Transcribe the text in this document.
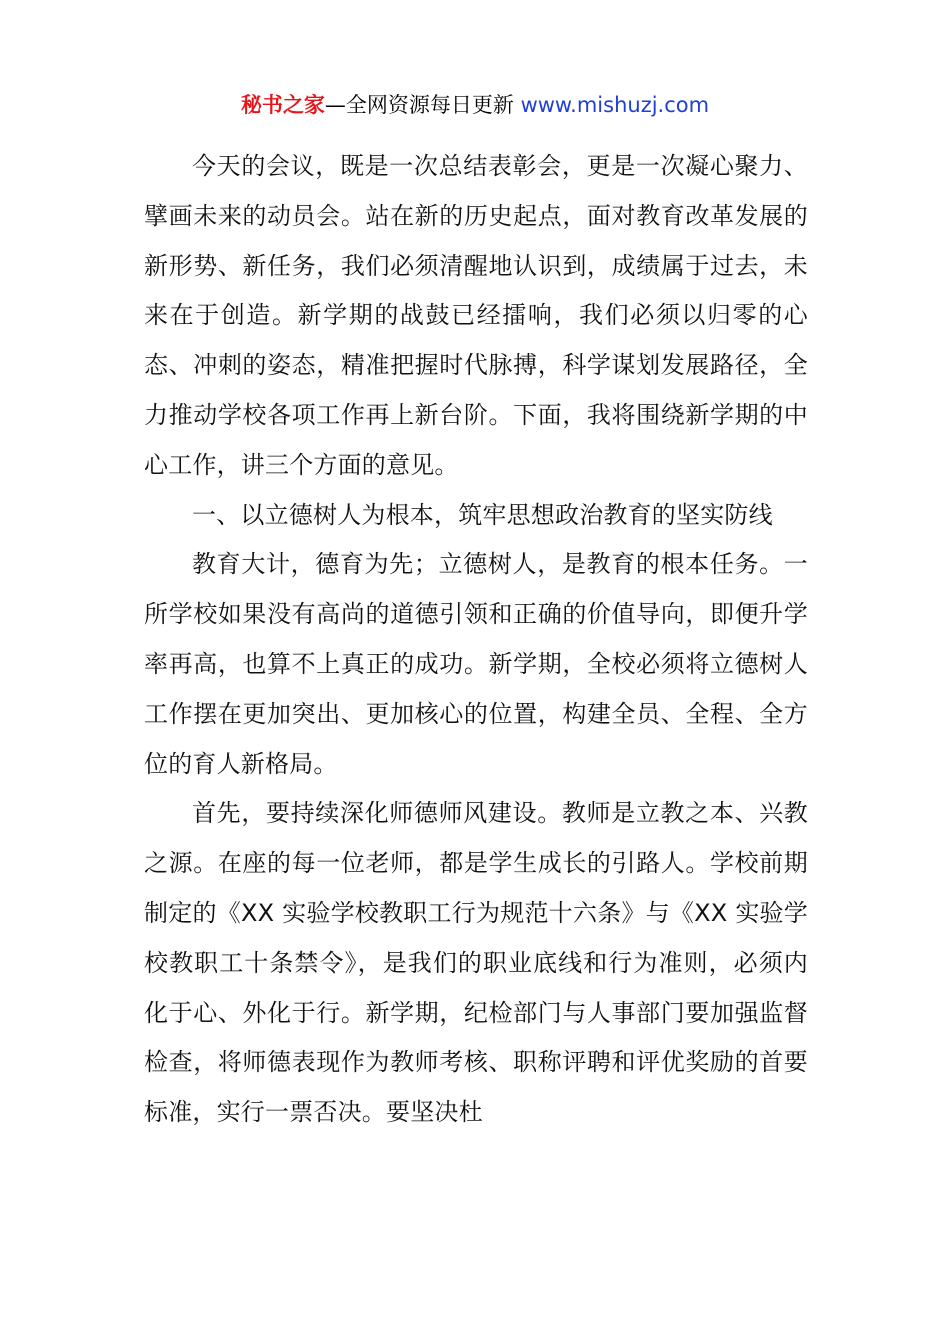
秘书之家—全网资源每日更新 www.mishuzj.com

今天的会议，既是一次总结表彰会，更是一次凝心聚力、擘画未来的动员会。站在新的历史起点，面对教育改革发展的新形势、新任务，我们必须清醒地认识到，成绩属于过去，未来在于创造。新学期的战鼓已经擂响，我们必须以归零的心态、冲刺的姿态，精准把握时代脉搏，科学谋划发展路径，全力推动学校各项工作再上新台阶。下面，我将围绕新学期的中心工作，讲三个方面的意见。

一、以立德树人为根本，筑牢思想政治教育的坚实防线

教育大计，德育为先；立德树人，是教育的根本任务。一所学校如果没有高尚的道德引领和正确的价值导向，即便升学率再高，也算不上真正的成功。新学期，全校必须将立德树人工作摆在更加突出、更加核心的位置，构建全员、全程、全方位的育人新格局。

首先，要持续深化师德师风建设。教师是立教之本、兴教之源。在座的每一位老师，都是学生成长的引路人。学校前期制定的《XX 实验学校教职工行为规范十六条》与《XX 实验学校教职工十条禁令》，是我们的职业底线和行为准则，必须内化于心、外化于行。新学期，纪检部门与人事部门要加强监督检查，将师德表现作为教师考核、职称评聘和评优奖励的首要标准，实行一票否决。要坚决杜
